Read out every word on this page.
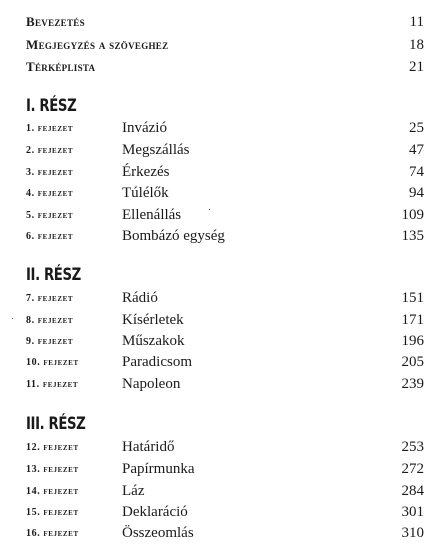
Bevezetés	11
Megjegyzés a szöveghez	18
Térképlista	21
I. RÉSZ
1. fejezet	Invázió	25
2. fejezet	Megszállás	47
3. fejezet	Érkezés	74
4. fejezet	Túlélők	94
5. fejezet	Ellenállás	109
6. fejezet	Bombázó egység	135
II. RÉSZ
7. fejezet	Rádió	151
8. fejezet	Kísérletek	171
9. fejezet	Műszakok	196
10. fejezet	Paradicsom	205
11. fejezet	Napoleon	239
III. RÉSZ
12. fejezet	Határidő	253
13. fejezet	Papírmunka	272
14. fejezet	Láz	284
15. fejezet	Deklaráció	301
16. fejezet	Összeomlás	310
